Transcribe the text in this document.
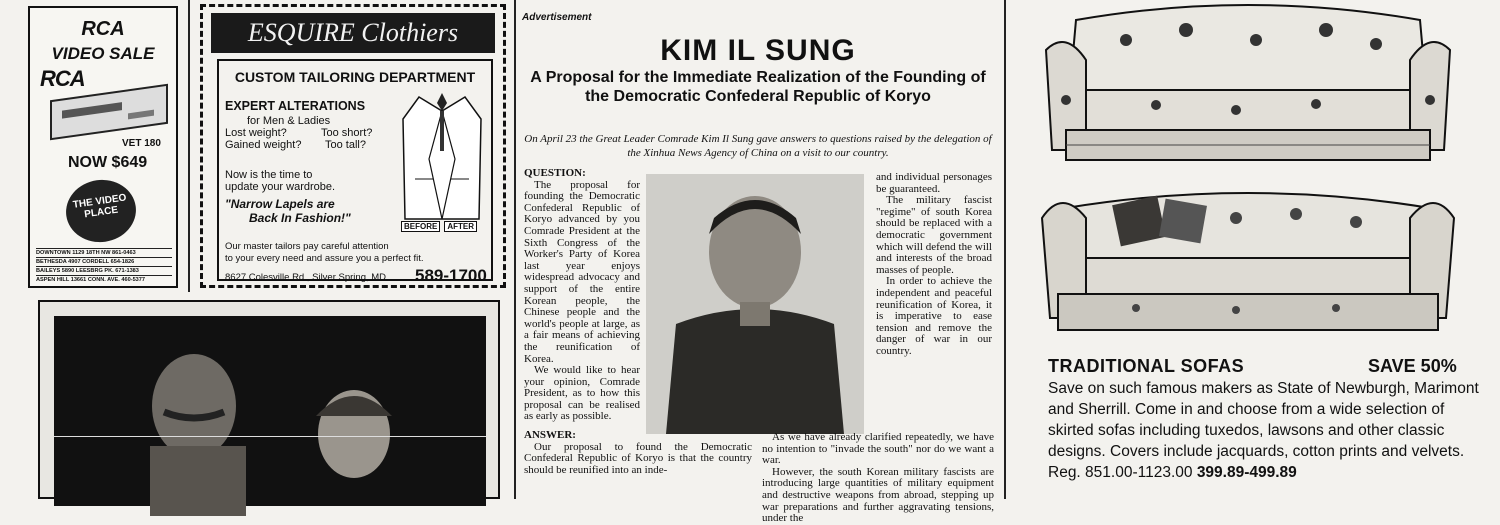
RCA
VIDEO SALE
RCA
VET 180
NOW $649
THE VIDEO PLACE
DOWNTOWN 1129 18TH NW 861-0463
BETHESDA 4907 CORDELL 654-1826
BAILEYS 5890 LEESBRG PK. 671-1383
ASPEN HILL 13661 CONN. AVE. 460-5377
ESQUIRE Clothiers
CUSTOM TAILORING DEPARTMENT
EXPERT ALTERATIONS
for Men & Ladies
Lost weight?	Too short?
Gained weight? Too tall?
Now is the time to
update your wardrobe.
"Narrow Lapels are
Back In Fashion!"
Our master tailors pay careful attention
to your every need and assure you a perfect fit.
8627 Colesville Rd., Silver Spring, MD. 589-1700
BEFORE AFTER
Advertisement
KIM IL SUNG
A Proposal for the Immediate Realization of the Founding of the Democratic Confederal Republic of Koryo
On April 23 the Great Leader Comrade Kim Il Sung gave answers to questions raised by the delegation of the Xinhua News Agency of China on a visit to our country.

QUESTION:

The proposal for founding the Democratic Confederal Republic of Koryo advanced by you Comrade President at the Sixth Congress of the Worker's Party of Korea last year enjoys widespread advocacy and support of the entire Korean people, the Chinese people and the world's people at large, as a fair means of achieving the reunification of Korea.

We would like to hear your opinion, Comrade President, as to how this proposal can be realised as early as possible.

ANSWER:

Our proposal to found the Democratic Confederal Republic of Koryo is that the country should be reunified into an inde-

and individual personages be guaranteed.

The military fascist "regime" of south Korea should be replaced with a democratic government which will defend the will and interests of the broad masses of people.

In order to achieve the independent and peaceful reunification of Korea, it is imperative to ease tension and remove the danger of war in our country.

As we have already clarified repeatedly, we have no intention to "invade the south" nor do we want a war.

However, the south Korean military fascists are introducing large quantities of military equipment and destructive weapons from abroad, stepping up war preparations and further aggravating tensions, under the

TRADITIONAL SOFAS	SAVE 50%
Save on such famous makers as State of Newburgh, Marimont and Sherrill. Come in and choose from a wide selection of skirted sofas including tuxedos, lawsons and other classic designs. Covers include jacquards, cotton prints and velvets. Reg. 851.00-1123.00 399.89-499.89
